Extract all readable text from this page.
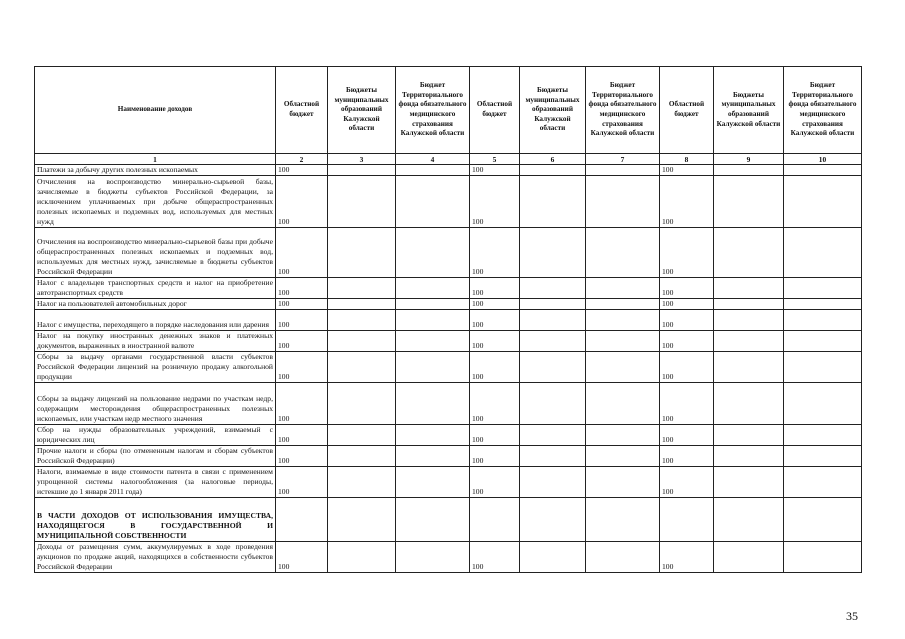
Наименование доходов	Областной бюджет	Бюджеты муниципальных образований Калужской области	Бюджет Территориального фонда обязательного медицинского страхования Калужской области	Областной бюджет	Бюджеты муниципальных образований Калужской области	Бюджет Территориального фонда обязательного медицинского страхования Калужской области	Областной бюджет	Бюджеты муниципальных образований Калужской области	Бюджет Территориального фонда обязательного медицинского страхования Калужской области
1	2	3	4	5	6	7	8	9	10
Платежи за добычу других полезных ископаемых	100			100			100		
Отчисления на воспроизводство минерально-сырьевой базы, зачисляемые в бюджеты субъектов Российской Федерации, за исключением уплачиваемых при добыче общераспространенных полезных ископаемых и подземных вод, используемых для местных нужд	100			100			100		
Отчисления на воспроизводство минерально-сырьевой базы при добыче общераспространенных полезных ископаемых и подземных вод, используемых для местных нужд, зачисляемые в бюджеты субъектов Российской Федерации	100			100			100		
Налог с владельцев транспортных средств и налог на приобретение автотранспортных средств	100			100			100		
Налог на пользователей автомобильных дорог	100			100			100		
Налог с имущества, переходящего в порядке наследования или дарения	100			100			100		
Налог на покупку иностранных денежных знаков и платежных документов, выраженных в иностранной валюте	100			100			100		
Сборы за выдачу органами государственной власти субъектов Российской Федерации лицензий на розничную продажу алкогольной продукции	100			100			100		
Сборы за выдачу лицензий на пользование недрами по участкам недр, содержащим месторождения общераспространенных полезных ископаемых, или участкам недр местного значения	100			100			100		
Сбор на нужды образовательных учреждений, взимаемый с юридических лиц	100			100			100		
Прочие налоги и сборы (по отмененным налогам и сборам субъектов Российской Федерации)	100			100			100		
Налоги, взимаемые в виде стоимости патента в связи с применением упрощенной системы налогообложения (за налоговые периоды, истекшие до 1 января 2011 года)	100			100			100		
В ЧАСТИ ДОХОДОВ ОТ ИСПОЛЬЗОВАНИЯ ИМУЩЕСТВА, НАХОДЯЩЕГОСЯ В ГОСУДАРСТВЕННОЙ И МУНИЦИПАЛЬНОЙ СОБСТВЕННОСТИ									
Доходы от размещения сумм, аккумулируемых в ходе проведения аукционов по продаже акций, находящихся в собственности субъектов Российской Федерации	100			100			100		
35
